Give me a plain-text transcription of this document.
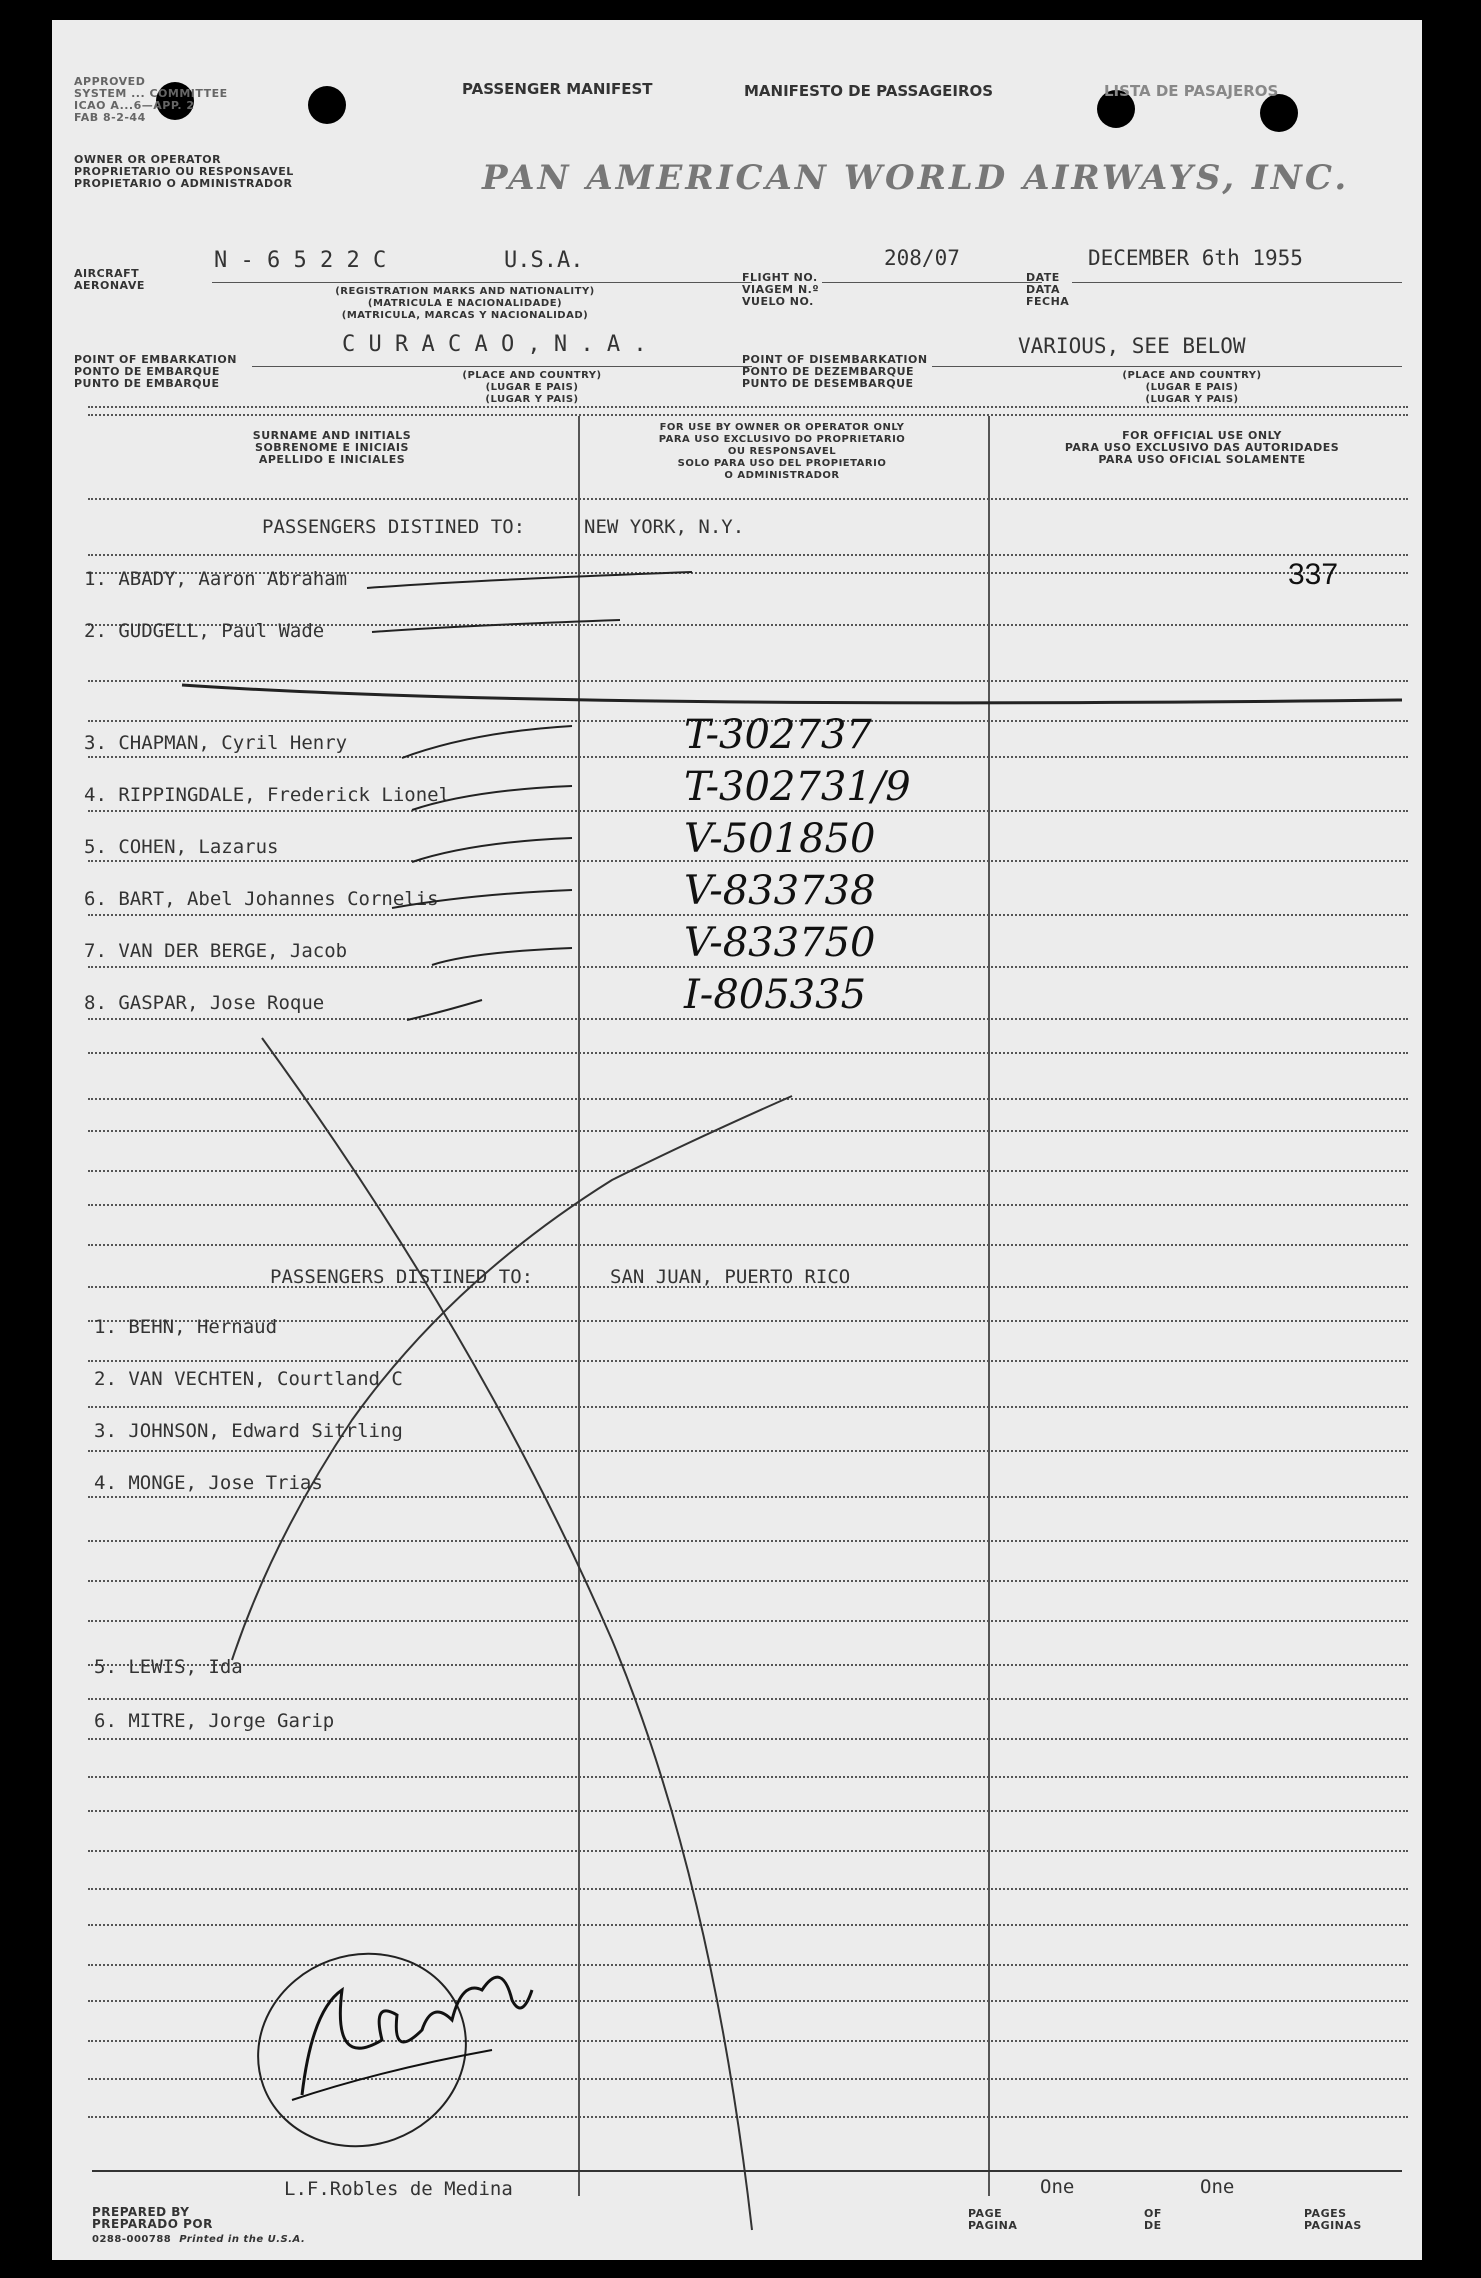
APPROVED
SYSTEM ... COMMITTEE
ICAO A...6—APP. 2
FAB 8-2-44
PASSENGER MANIFEST	MANIFESTO DE PASSAGEIROS	LISTA DE PASAJEROS
OWNER OR OPERATOR
PROPRIETARIO OU RESPONSAVEL
PROPIETARIO O ADMINISTRADOR	PAN AMERICAN WORLD AIRWAYS, INC.
AIRCRAFT
AERONAVE
N - 6 5 2 2 C	U.S.A.
(REGISTRATION MARKS AND NATIONALITY)
(MATRICULA E NACIONALIDADE)
(MATRICULA, MARCAS Y NACIONALIDAD)
FLIGHT NO.
VIAGEM N.º
VUELO NO.
208/07
DATE
DATA
FECHA
DECEMBER 6th 1955
POINT OF EMBARKATION
PONTO DE EMBARQUE
PUNTO DE EMBARQUE
C U R A C A O , N . A .
(PLACE AND COUNTRY)
(LUGAR E PAIS)
(LUGAR Y PAIS)
POINT OF DISEMBARKATION
PONTO DE DEZEMBARQUE
PUNTO DE DESEMBARQUE
VARIOUS, SEE BELOW
(PLACE AND COUNTRY)
(LUGAR E PAIS)
(LUGAR Y PAIS)
SURNAME AND INITIALS
SOBRENOME E INICIAIS
APELLIDO E INICIALES
FOR USE BY OWNER OR OPERATOR ONLY
PARA USO EXCLUSIVO DO PROPRIETARIO
OU RESPONSAVEL
SOLO PARA USO DEL PROPIETARIO
O ADMINISTRADOR
FOR OFFICIAL USE ONLY
PARA USO EXCLUSIVO DAS AUTORIDADES
PARA USO OFICIAL SOLAMENTE
PASSENGERS DISTINED TO:	NEW YORK, N.Y.
337
1. ABADY, Aaron Abraham
2. GUDGELL, Paul Wade
3. CHAPMAN, Cyril Henry	T-302737
4. RIPPINGDALE, Frederick Lionel	T-302731/9
5. COHEN, Lazarus	V-501850
6. BART, Abel Johannes Cornelis	V-833738
7. VAN DER BERGE, Jacob	V-833750
8. GASPAR, Jose Roque	I-805335
PASSENGERS DISTINED TO:	SAN JUAN, PUERTO RICO
1. BEHN, Hernaud
2. VAN VECHTEN, Courtland C
3. JOHNSON, Edward Sitrling
4. MONGE, Jose Trias
5. LEWIS, Ida
6. MITRE, Jorge Garip
L.F.Robles de Medina
PREPARED BY
PREPARADO POR
0288-000788 Printed in the U.S.A.
One
PAGE
PAGINA
OF
DE
One
PAGES
PAGINAS
